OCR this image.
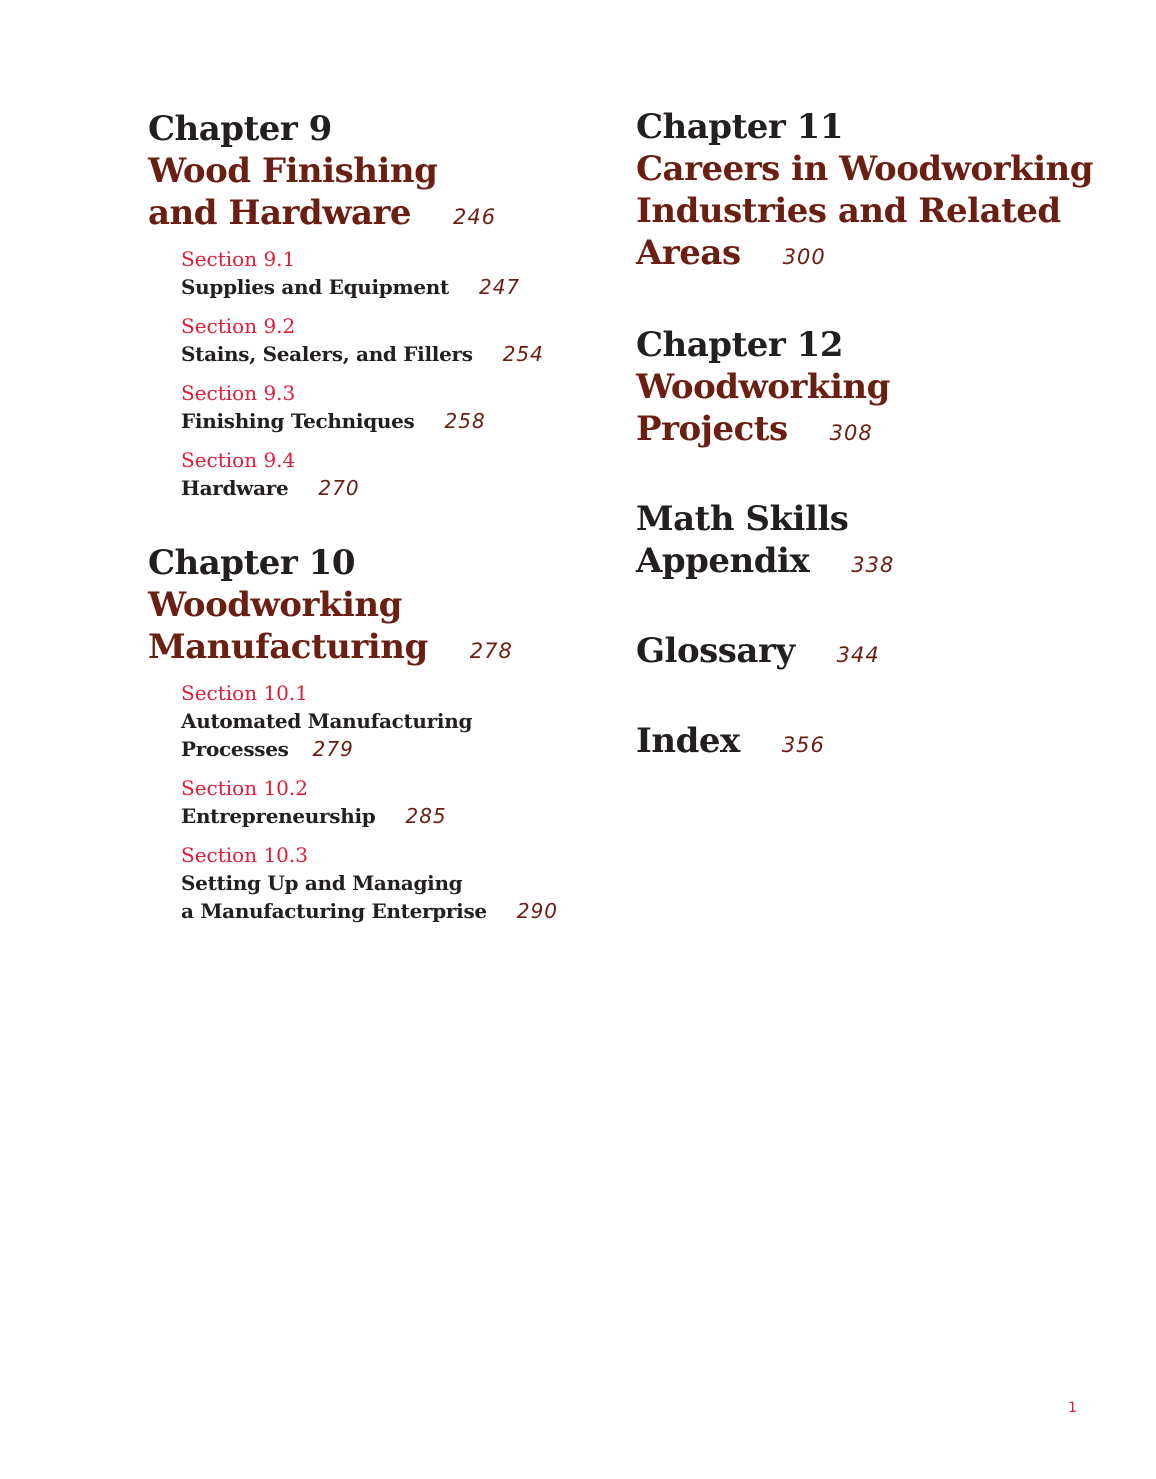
Chapter 9
Wood Finishing
and Hardware 246
Section 9.1
Supplies and Equipment 247
Section 9.2
Stains, Sealers, and Fillers 254
Section 9.3
Finishing Techniques 258
Section 9.4
Hardware 270
Chapter 10
Woodworking
Manufacturing 278
Section 10.1
Automated Manufacturing
Processes 279
Section 10.2
Entrepreneurship 285
Section 10.3
Setting Up and Managing
a Manufacturing Enterprise 290
Chapter 11
Careers in Woodworking
Industries and Related
Areas 300
Chapter 12
Woodworking
Projects 308
Math Skills
Appendix 338
Glossary 344
Index 356
1
